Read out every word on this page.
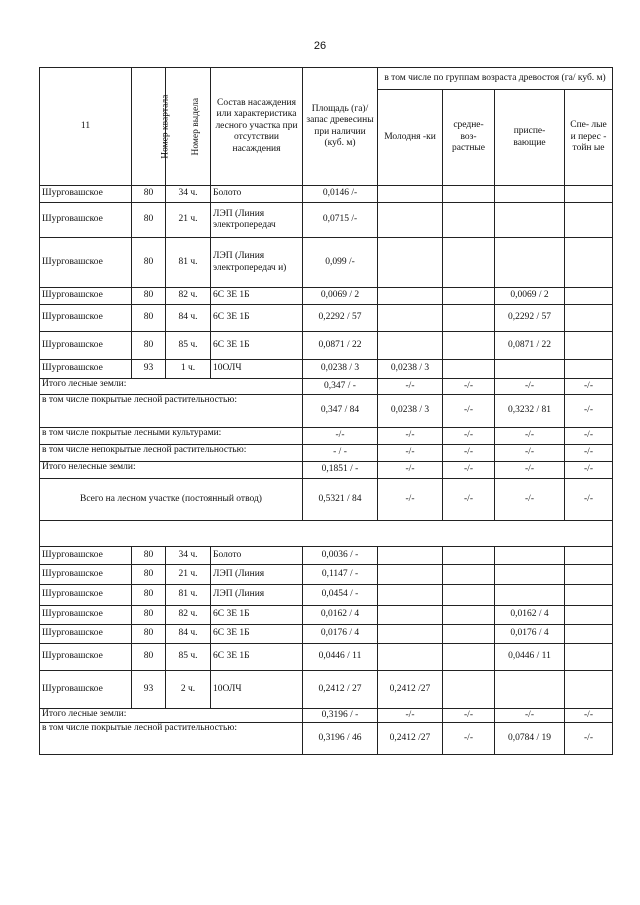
26
11	Номер квартала	Номер выдела	Состав насаждения или характеристика лесного участка при отсутствии насаждения	Площадь (га)/запас древесины при наличии (куб. м)	в том числе по группам возраста древостоя (га/ куб. м)			
					Молодня -ки	средне- воз- растные	приспе- вающие	Спе- лые и перес - тойн ые
Шурговашское	80	34 ч.	Болото	0,0146 /-				
Шурговашское	80	21 ч.	ЛЭП (Линия электропередач	0,0715 /-				
Шурговашское	80	81 ч.	ЛЭП (Линия электропередач и)	0,099 /-				
Шурговашское	80	82 ч.	6С 3Е 1Б	0,0069 / 2			0,0069 / 2	
Шурговашское	80	84 ч.	6С 3Е 1Б	0,2292 / 57			0,2292 / 57	
Шурговашское	80	85 ч.	6С 3Е 1Б	0,0871 / 22			0,0871 / 22	
Шурговашское	93	1 ч.	10ОЛЧ	0,0238 / 3	0,0238 / 3			
Итого лесные земли:				0,347 / -	-/-	-/-	-/-	-/-
в том числе покрытые лесной растительностью:				0,347 / 84	0,0238 / 3	-/-	0,3232 / 81	-/-
в том числе покрытые лесными культурами:				-/-	-/-	-/-	-/-	-/-
в том числе непокрытые лесной растительностью:				- / -	-/-	-/-	-/-	-/-
Итого нелесные земли:				0,1851 / -	-/-	-/-	-/-	-/-
Всего на лесном участке (постоянный отвод)				0,5321 / 84	-/-	-/-	-/-	-/-

Шурговашское	80	34 ч.	Болото	0,0036 / -				
Шурговашское	80	21 ч.	ЛЭП (Линия	0,1147 / -				
Шурговашское	80	81 ч.	ЛЭП (Линия	0,0454 / -				
Шурговашское	80	82 ч.	6С 3Е 1Б	0,0162 / 4			0,0162 / 4	
Шурговашское	80	84 ч.	6С 3Е 1Б	0,0176 / 4			0,0176 / 4	
Шурговашское	80	85 ч.	6С 3Е 1Б	0,0446 / 11			0,0446 / 11	
Шурговашское	93	2 ч.	10ОЛЧ	0,2412 / 27	0,2412 /27			
Итого лесные земли:				0,3196 / -	-/-	-/-	-/-	-/-
в том числе покрытые лесной растительностью:				0,3196 / 46	0,2412 /27	-/-	0,0784 / 19	-/-
